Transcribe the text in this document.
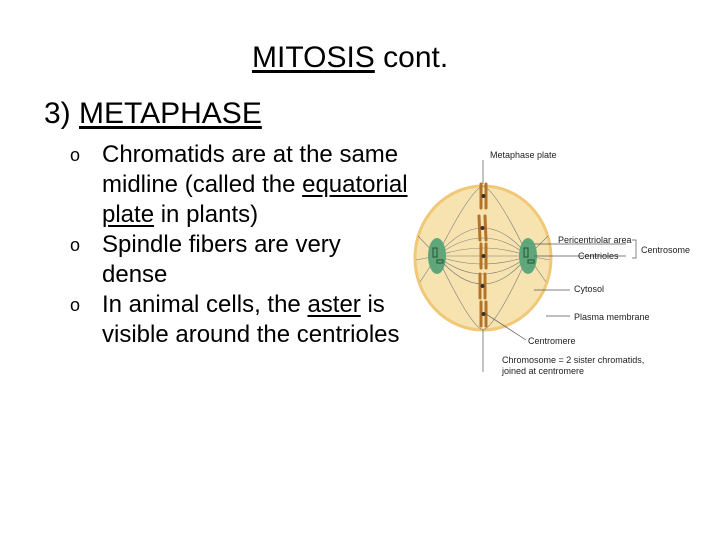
MITOSIS cont.
3) METAPHASE
o Chromatids are at the same midline (called the equatorial plate in plants)
o Spindle fibers are very dense
o In animal cells, the aster is visible around the centrioles
Metaphase plate
Pericentriolar area
Centrioles
Centrosome
Cytosol
Plasma membrane
Centromere
Chromosome = 2 sister chromatids,
joined at centromere
